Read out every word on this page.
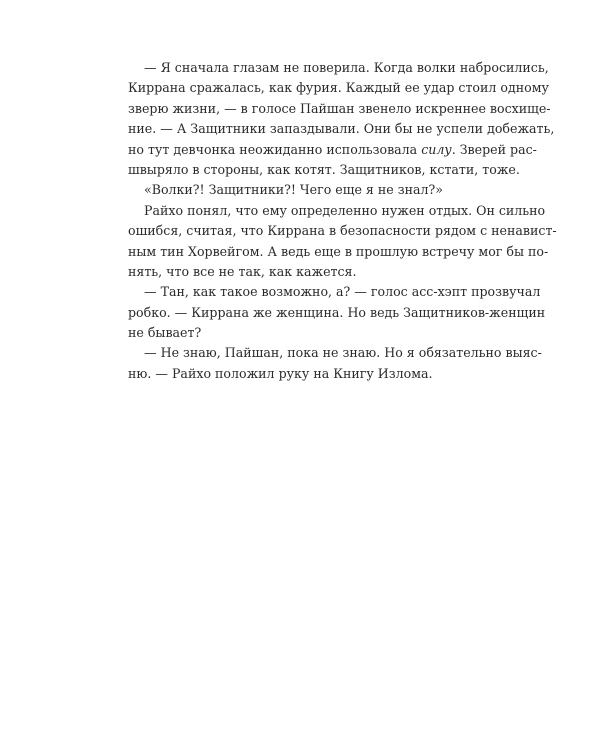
— Я сначала глазам не поверила. Когда волки набросились,
Киррана сражалась, как фурия. Каждый ее удар стоил одному
зверю жизни, — в голосе Пайшан звенело искреннее восхище-
ние. — А Защитники запаздывали. Они бы не успели добежать,
но тут девчонка неожиданно использовала силу. Зверей рас-
швыряло в стороны, как котят. Защитников, кстати, тоже.
«Волки?! Защитники?! Чего еще я не знал?»
Райхо понял, что ему определенно нужен отдых. Он сильно
ошибся, считая, что Киррана в безопасности рядом с ненавист-
ным тин Хорвейгом. А ведь еще в прошлую встречу мог бы по-
нять, что все не так, как кажется.
— Тан, как такое возможно, а? — голос асс-хэпт прозвучал
робко. — Киррана же женщина. Но ведь Защитников-женщин
не бывает?
— Не знаю, Пайшан, пока не знаю. Но я обязательно выяс-
ню. — Райхо положил руку на Книгу Излома.
